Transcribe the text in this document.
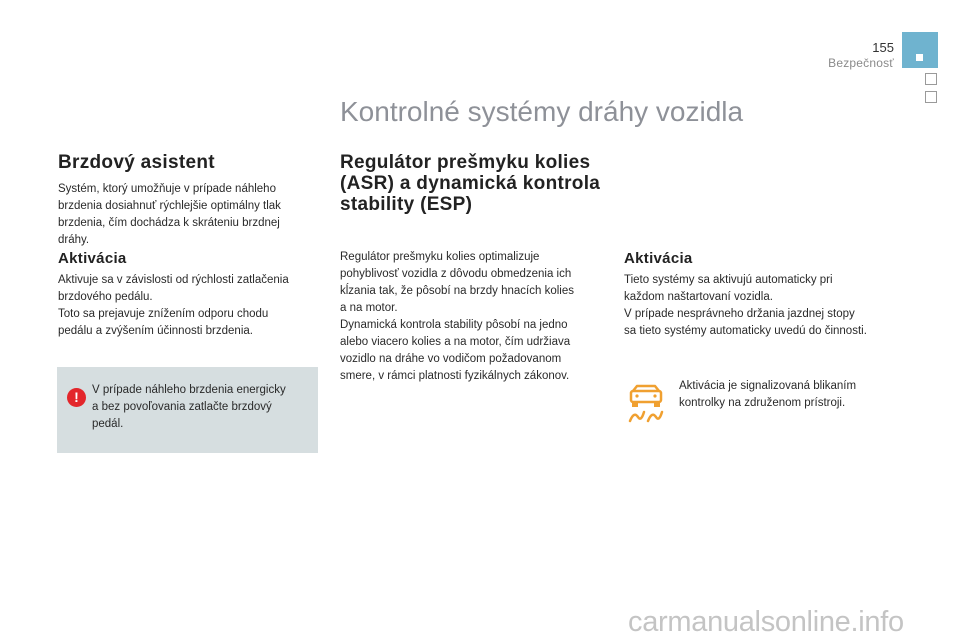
155
Bezpečnosť
Kontrolné systémy dráhy vozidla
Brzdový asistent
Systém, ktorý umožňuje v prípade náhleho
brzdenia dosiahnuť rýchlejšie optimálny tlak
brzdenia, čím dochádza k skráteniu brzdnej
dráhy.
Aktivácia
Aktivuje sa v závislosti od rýchlosti zatlačenia
brzdového pedálu.
Toto sa prejavuje znížením odporu chodu
pedálu a zvýšením účinnosti brzdenia.
!	V prípade náhleho brzdenia energicky
a bez povoľovania zatlačte brzdový
pedál.
Regulátor prešmyku kolies (ASR) a dynamická kontrola stability (ESP)
Regulátor prešmyku kolies optimalizuje
pohyblivosť vozidla z dôvodu obmedzenia ich
kĺzania tak, že pôsobí na brzdy hnacích kolies
a na motor.
Dynamická kontrola stability pôsobí na jedno
alebo viacero kolies a na motor, čím udržiava
vozidlo na dráhe vo vodičom požadovanom
smere, v rámci platnosti fyzikálnych zákonov.
Aktivácia
Tieto systémy sa aktivujú automaticky pri
každom naštartovaní vozidla.
V prípade nesprávneho držania jazdnej stopy
sa tieto systémy automaticky uvedú do činnosti.
Aktivácia je signalizovaná blikaním
kontrolky na združenom prístroji.
carmanualsonline.info
